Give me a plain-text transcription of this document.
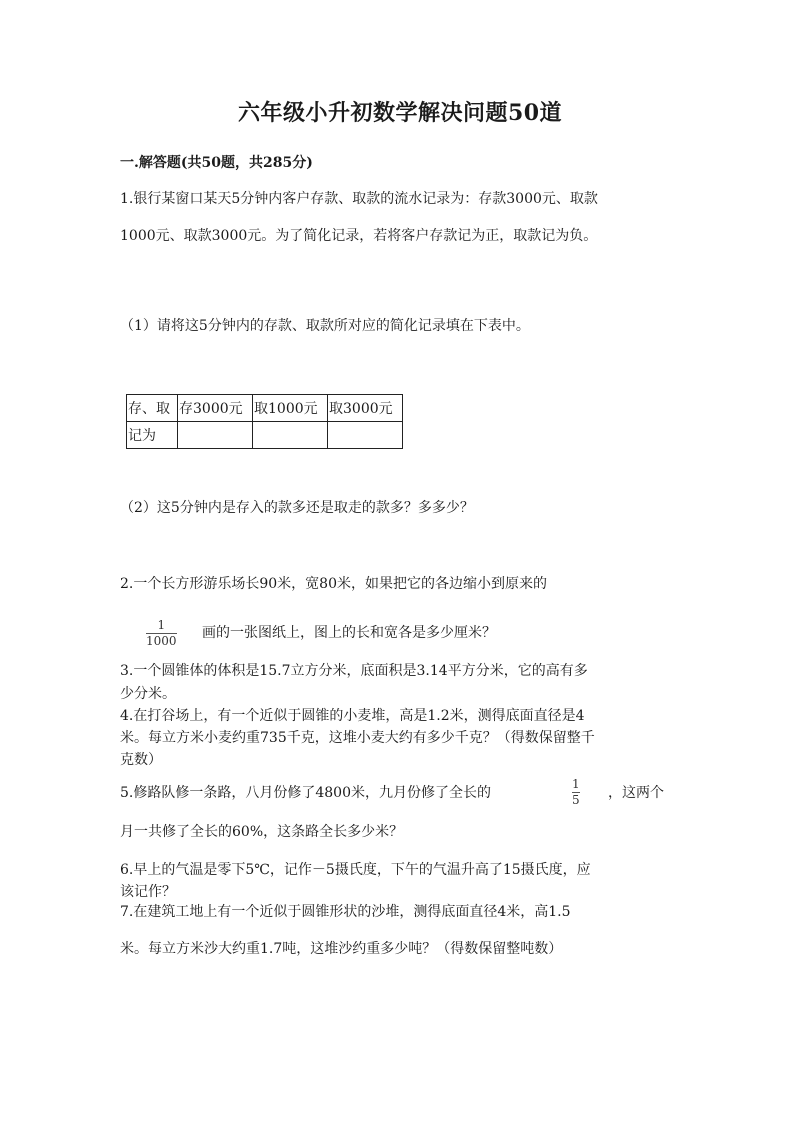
六年级小升初数学解决问题50道
一.解答题(共50题，共285分)
1.银行某窗口某天5分钟内客户存款、取款的流水记录为：存款3000元、取款
1000元、取款3000元。为了简化记录，若将客户存款记为正，取款记为负。
（1）请将这5分钟内的存款、取款所对应的简化记录填在下表中。
存、取	存3000元	取1000元	取3000元
记为			
（2）这5分钟内是存入的款多还是取走的款多？多多少？
2.一个长方形游乐场长90米，宽80米，如果把它的各边缩小到原来的
1
1000 画的一张图纸上，图上的长和宽各是多少厘米？
3.一个圆锥体的体积是15.7立方分米，底面积是3.14平方分米，它的高有多
少分米。
4.在打谷场上，有一个近似于圆锥的小麦堆，高是1.2米，测得底面直径是4
米。每立方米小麦约重735千克，这堆小麦大约有多少千克？（得数保留整千
克数）
5.修路队修一条路，八月份修了4800米，九月份修了全长的
1
5 ，这两个
月一共修了全长的60%，这条路全长多少米？
6.早上的气温是零下5℃，记作－5摄氏度，下午的气温升高了15摄氏度，应
该记作？
7.在建筑工地上有一个近似于圆锥形状的沙堆，测得底面直径4米，高1.5
米。每立方米沙大约重1.7吨，这堆沙约重多少吨？（得数保留整吨数）
